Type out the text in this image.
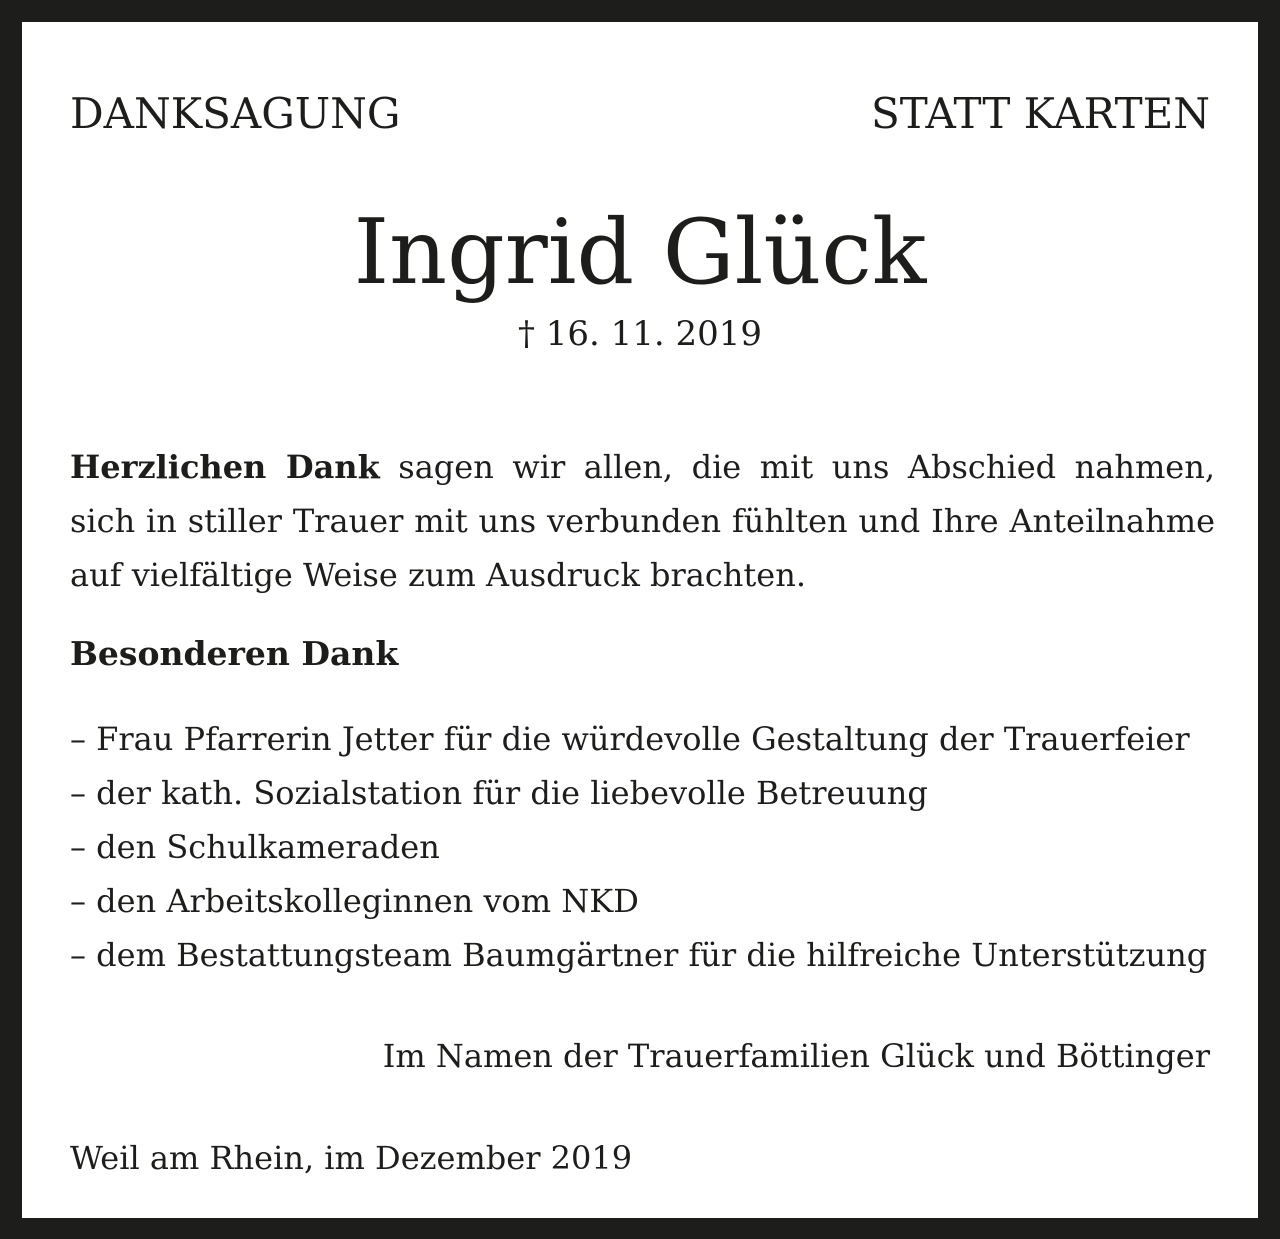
DANKSAGUNG	STATT KARTEN
Ingrid Glück
† 16. 11. 2019

Herzlichen Dank sagen wir allen, die mit uns Abschied nahmen, sich in stiller Trauer mit uns verbunden fühlten und Ihre Anteilnahme auf vielfältige Weise zum Ausdruck brachten.

Besonderen Dank
– Frau Pfarrerin Jetter für die würdevolle Gestaltung der Trauerfeier
– der kath. Sozialstation für die liebevolle Betreuung
– den Schulkameraden
– den Arbeitskolleginnen vom NKD
– dem Bestattungsteam Baumgärtner für die hilfreiche Unterstützung
Im Namen der Trauerfamilien Glück und Böttinger
Weil am Rhein, im Dezember 2019
